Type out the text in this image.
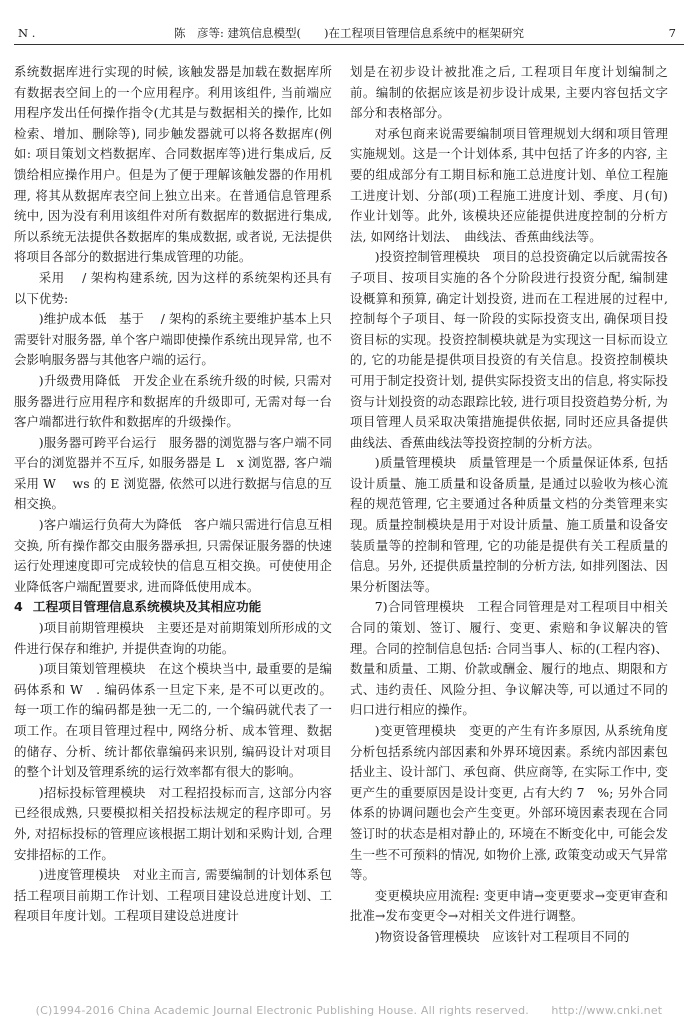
N .	陈　彦等: 建筑信息模型(　　)在工程项目管理信息系统中的框架研究	7

系统数据库进行实现的时候, 该触发器是加载在数据库所有数据表空间上的一个应用程序。利用该组件, 当前端应用程序发出任何操作指令(尤其是与数据相关的操作, 比如检索、增加、删除等), 同步触发器就可以将各数据库(例如: 项目策划文档数据库、合同数据库等)进行集成后, 反馈给相应操作用户。但是为了便于理解该触发器的作用机理, 将其从数据库表空间上独立出来。在普通信息管理系统中, 因为没有利用该组件对所有数据库的数据进行集成, 所以系统无法提供各数据库的集成数据, 或者说, 无法提供将项目各部分的数据进行集成管理的功能。

采用　 / 架构构建系统, 因为这样的系统架构还具有以下优势:

)维护成本低　基于　 / 架构的系统主要维护基本上只需要针对服务器, 单个客户端即使操作系统出现异常, 也不会影响服务器与其他客户端的运行。

)升级费用降低　开发企业在系统升级的时候, 只需对服务器进行应用程序和数据库的升级即可, 无需对每一台客户端都进行软件和数据库的升级操作。

)服务器可跨平台运行　服务器的浏览器与客户端不同平台的浏览器并不互斥, 如服务器是 L　x 浏览器, 客户端采用 W　 ws 的 E 浏览器, 依然可以进行数据与信息的互相交换。

)客户端运行负荷大为降低　客户端只需进行信息互相交换, 所有操作都交由服务器承担, 只需保证服务器的快速运行处理速度即可完成较快的信息互相交换。可使使用企业降低客户端配置要求, 进而降低使用成本。

4 工程项目管理信息系统模块及其相应功能

)项目前期管理模块　主要还是对前期策划所形成的文件进行保存和维护, 并提供查询的功能。

)项目策划管理模块　在这个模块当中, 最重要的是编码体系和 W　. 编码体系一旦定下来, 是不可以更改的。每一项工作的编码都是独一无二的, 一个编码就代表了一项工作。在项目管理过程中, 网络分析、成本管理、数据的储存、分析、统计都依靠编码来识别, 编码设计对项目的整个计划及管理系统的运行效率都有很大的影响。

)招标投标管理模块　对工程招投标而言, 这部分内容已经很成熟, 只要模拟相关招投标法规定的程序即可。另外, 对招标投标的管理应该根据工期计划和采购计划, 合理安排招标的工作。

)进度管理模块　对业主而言, 需要编制的计划体系包括工程项目前期工作计划、工程项目建设总进度计划、工程项目年度计划。工程项目建设总进度计

划是在初步设计被批准之后, 工程项目年度计划编制之前。编制的依据应该是初步设计成果, 主要内容包括文字部分和表格部分。

对承包商来说需要编制项目管理规划大纲和项目管理实施规划。这是一个计划体系, 其中包括了许多的内容, 主要的组成部分有工期目标和施工总进度计划、单位工程施工进度计划、分部(项)工程施工进度计划、季度、月(旬)作业计划等。此外, 该模块还应能提供进度控制的分析方法, 如网络计划法、　曲线法、香蕉曲线法等。

)投资控制管理模块　项目的总投资确定以后就需按各子项目、按项目实施的各个分阶段进行投资分配, 编制建设概算和预算, 确定计划投资, 进而在工程进展的过程中, 控制每个子项目、每一阶段的实际投资支出, 确保项目投资目标的实现。投资控制模块就是为实现这一目标而设立的, 它的功能是提供项目投资的有关信息。投资控制模块可用于制定投资计划, 提供实际投资支出的信息, 将实际投资与计划投资的动态跟踪比较, 进行项目投资趋势分析, 为项目管理人员采取决策措施提供依据, 同时还应具备提供　曲线法、香蕉曲线法等投资控制的分析方法。

)质量管理模块　质量管理是一个质量保证体系, 包括设计质量、施工质量和设备质量, 是通过以验收为核心流程的规范管理, 它主要通过各种质量文档的分类管理来实现。质量控制模块是用于对设计质量、施工质量和设备安装质量等的控制和管理, 它的功能是提供有关工程质量的信息。另外, 还提供质量控制的分析方法, 如排列图法、因果分析图法等。

7)合同管理模块　工程合同管理是对工程项目中相关合同的策划、签订、履行、变更、索赔和争议解决的管理。合同的控制信息包括: 合同当事人、标的(工程内容)、数量和质量、工期、价款或酬金、履行的地点、期限和方式、违约责任、风险分担、争议解决等, 可以通过不同的归口进行相应的操作。

)变更管理模块　变更的产生有许多原因, 从系统角度分析包括系统内部因素和外界环境因素。系统内部因素包括业主、设计部门、承包商、供应商等, 在实际工作中, 变更产生的重要原因是设计变更, 占有大约 7　%; 另外合同体系的协调问题也会产生变更。外部环境因素表现在合同签订时的状态是相对静止的, 环境在不断变化中, 可能会发生一些不可预料的情况, 如物价上涨, 政策变动或天气异常等。

变更模块应用流程: 变更申请→变更要求→变更审查和批准→发布变更令→对相关文件进行调整。

)物资设备管理模块　应该针对工程项目不同的

(C)1994-2016 China Academic Journal Electronic Publishing House. All rights reserved.　　http://www.cnki.net
